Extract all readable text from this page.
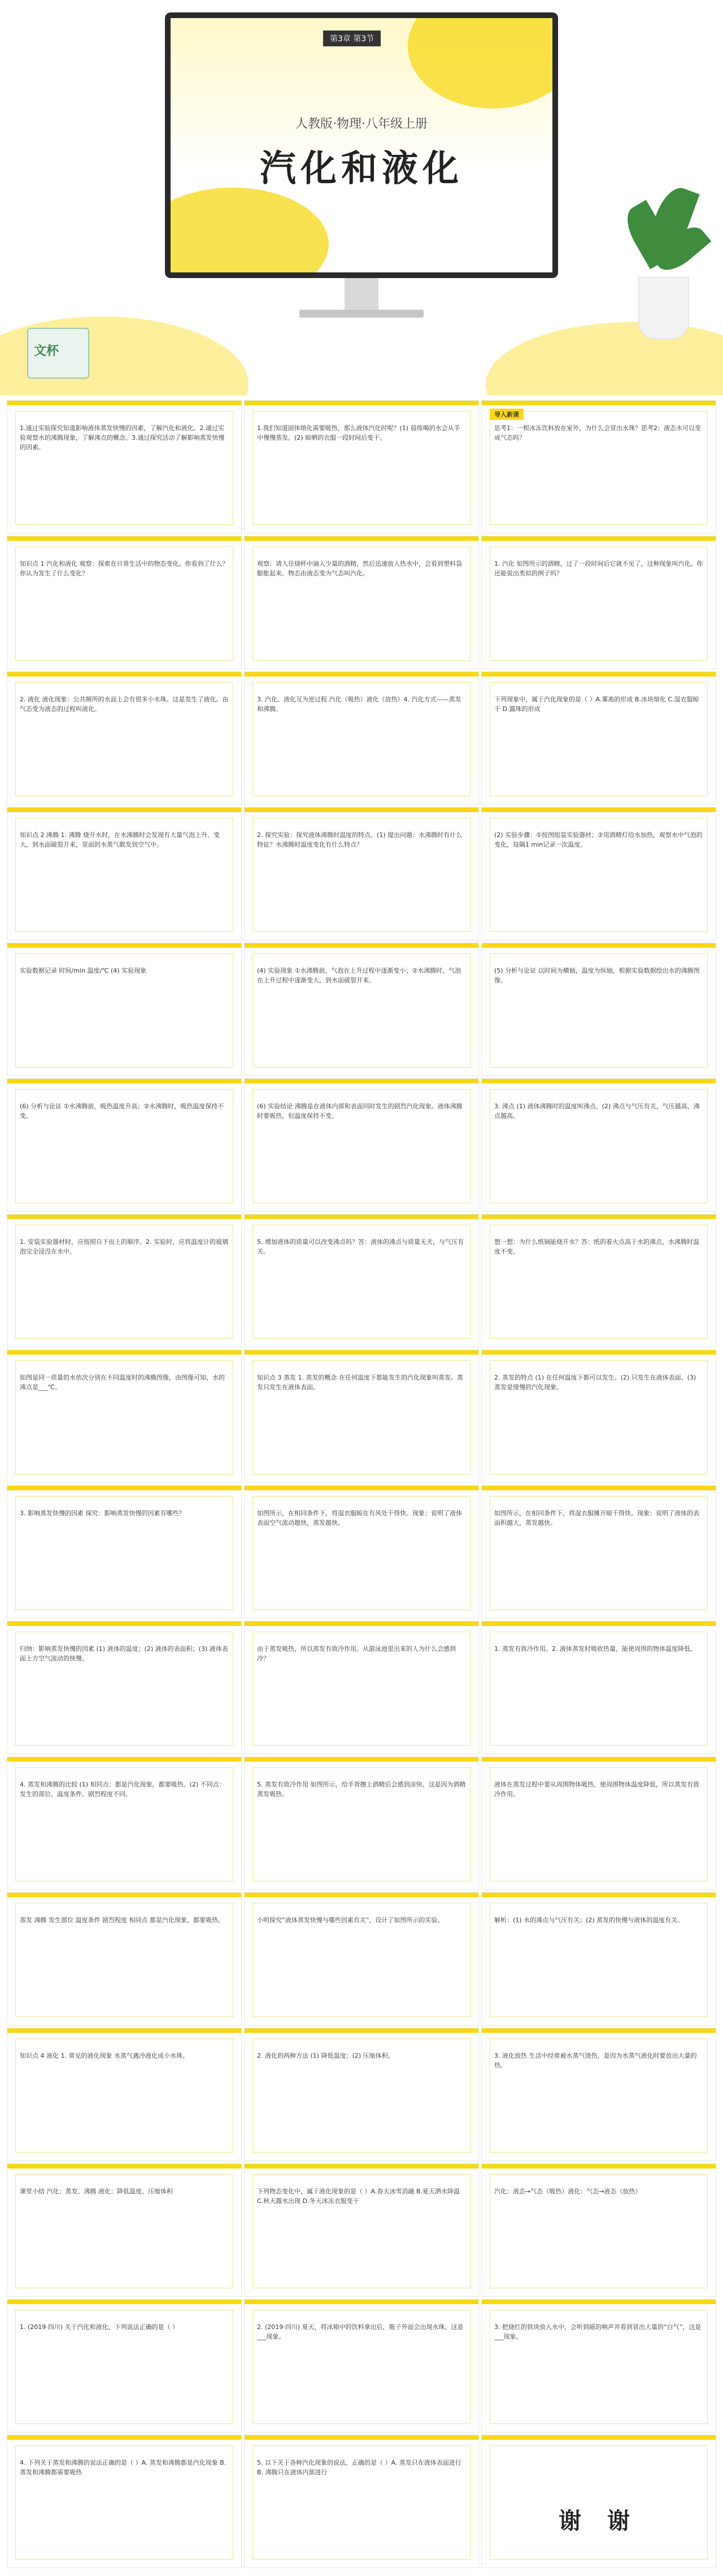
第3章 第3节
人教版·物理·八年级上册
汽化和液化
文杯
1.通过实验探究知道影响液体蒸发快慢的因素，了解汽化和液化。2.通过实验观察水的沸腾现象，了解沸点的概念。3.通过探究活动了解影响蒸发快慢的因素。
1.我们知道固体熔化需要吸热，那么液体汽化时呢？(1) 晨练喝的水会从手中慢慢蒸发。(2) 晾晒的衣服一段时间后变干。
导入新课
思考1：一根冰冻饮料放在室外，为什么会冒出水珠？思考2：液态水可以变成气态吗？
知识点 1 汽化和液化 观察：探索在日常生活中的物态变化。你看到了什么？你认为发生了什么变化？
观察：请人往烧杯中滴入少量的酒精，然后迅速放入热水中，会看到塑料袋膨胀起来。物态由液态变为气态叫汽化。
1. 汽化 如图所示的酒精，过了一段时间后它就不见了，这种现象叫汽化。你还能说出类似的例子吗？
2. 液化 液化现象：公共厕所的水面上会有很多小水珠。这是发生了液化。由气态变为液态的过程叫液化。
3. 汽化、液化互为逆过程 汽化（吸热）液化（放热）4. 汽化方式——蒸发和沸腾。
下列现象中，属于汽化现象的是（ ）A.雾凇的形成 B.冰块熔化 C.湿衣服晾干 D.露珠的形成
知识点 2 沸腾 1. 沸腾 烧开水时，在水沸腾时会发现有大量气泡上升、变大，到水面破裂开来，里面的水蒸气散发到空气中。
2. 探究实验：探究液体沸腾时温度的特点。(1) 提出问题：水沸腾时有什么特征？水沸腾时温度变化有什么特点？
(2) 实验步骤：①按图组装实验器材；②用酒精灯给水加热，观察水中气泡的变化，每隔1 min记录一次温度。
实验数据记录 时间/min 温度/℃ (4) 实验现象	(4) 实验现象 ①水沸腾前，气泡在上升过程中逐渐变小；②水沸腾时，气泡在上升过程中逐渐变大，到水面破裂开来。
(5) 分析与论证 以时间为横轴，温度为纵轴，根据实验数据绘出水的沸腾图像。
(6) 分析与论证 ①水沸腾前，吸热温度升高；②水沸腾时，吸热温度保持不变。
(6) 实验结论 沸腾是在液体内部和表面同时发生的剧烈汽化现象。液体沸腾时要吸热，但温度保持不变。
3. 沸点 (1) 液体沸腾时的温度叫沸点。(2) 沸点与气压有关，气压越高，沸点越高。
1. 安装实验器材时，应按照自下而上的顺序。2. 实验时，应将温度计的玻璃泡完全浸没在水中。
5. 增加液体的质量可以改变沸点吗？答：液体的沸点与质量无关，与气压有关。
想一想：为什么纸锅能烧开水？答：纸的着火点高于水的沸点，水沸腾时温度不变。
如图是同一质量的水依次分别在不同温度时的沸腾图像，由图像可知，水的沸点是___℃。
知识点 3 蒸发 1. 蒸发的概念 在任何温度下都能发生的汽化现象叫蒸发。蒸发只发生在液体表面。
2. 蒸发的特点 (1) 在任何温度下都可以发生。(2) 只发生在液体表面。(3) 蒸发是缓慢的汽化现象。
3. 影响蒸发快慢的因素 探究：影响蒸发快慢的因素有哪些？	如图所示，在相同条件下，将湿衣服晾在有风处干得快。现象：说明了液体表面空气流动越快，蒸发越快。
如图所示，在相同条件下，将湿衣服摊开晾干得快。现象：说明了液体的表面积越大，蒸发越快。
归纳：影响蒸发快慢的因素 (1) 液体的温度；(2) 液体的表面积；(3) 液体表面上方空气流动的快慢。
由于蒸发吸热，所以蒸发有致冷作用。从游泳池里出来的人为什么会感到冷？
1. 蒸发有致冷作用。2. 液体蒸发时吸收热量，能使周围的物体温度降低。
4. 蒸发和沸腾的比较 (1) 相同点：都是汽化现象，都要吸热。(2) 不同点：发生的部位、温度条件、剧烈程度不同。
5. 蒸发有致冷作用 如图所示，给手背擦上酒精后会感到凉快。这是因为酒精蒸发吸热。
液体在蒸发过程中要从周围物体吸热，使周围物体温度降低，所以蒸发有致冷作用。
蒸发 沸腾 发生部位 温度条件 剧烈程度 相同点 都是汽化现象，都要吸热。	小明探究“液体蒸发快慢与哪些因素有关”，设计了如图所示的实验。	解析：(1) 水的沸点与气压有关；(2) 蒸发的快慢与液体的温度有关。
知识点 4 液化 1. 常见的液化现象 水蒸气遇冷液化成小水珠。	2. 液化的两种方法 (1) 降低温度；(2) 压缩体积。	3. 液化放热 生活中经常被水蒸气烫伤，是因为水蒸气液化时要放出大量的热。
课堂小结 汽化：蒸发、沸腾 液化：降低温度、压缩体积	下列物态变化中，属于液化现象的是（ ）A.春天冰雪消融 B.夏天洒水降温 C.秋天露水出现 D.冬天冰冻衣服变干
汽化：液态→气态（吸热）液化：气态→液态（放热）
1. (2019·四川) 关于汽化和液化，下列说法正确的是（ ）	2. (2019·四川) 夏天，将冰箱中的饮料拿出后，瓶子外面会出现水珠，这是___现象。
3. 把烧红的铁块放入水中，会听到嗞的响声并看到冒出大量的“白气”，这是___现象。
4. 下列关于蒸发和沸腾的说法正确的是（ ）A. 蒸发和沸腾都是汽化现象 B. 蒸发和沸腾都需要吸热
5. 以下关于各种汽化现象的说法，正确的是（ ）A. 蒸发只在液体表面进行 B. 沸腾只在液体内部进行
谢 谢
